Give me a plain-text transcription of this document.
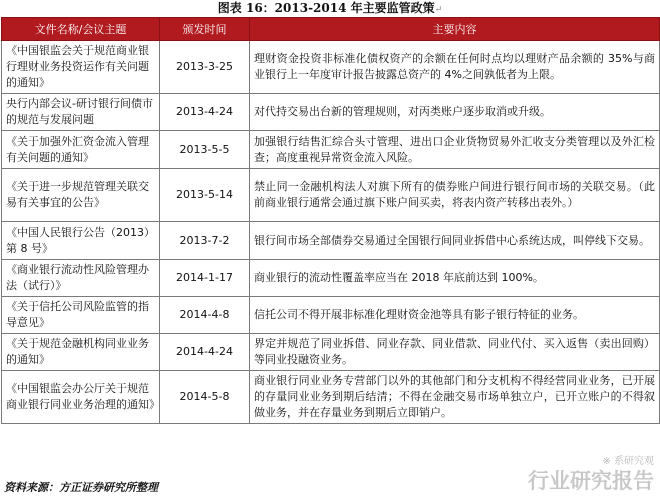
图表 16：2013-2014 年主要监管政策↵
文件名称/会议主题	颁发时间	主要内容
《中国银监会关于规范商业银行理财业务投资运作有关问题的通知》	2013-3-25	理财资金投资非标准化债权资产的余额在任何时点均以理财产品余额的 35%与商业银行上一年度审计报告披露总资产的 4%之间孰低者为上限。
央行内部会议-研讨银行间债市的规范与发展问题	2013-4-24	对代持交易出台新的管理规则，对丙类账户逐步取消或升级。
《关于加强外汇资金流入管理有关问题的通知》	2013-5-5	加强银行结售汇综合头寸管理、进出口企业货物贸易外汇收支分类管理以及外汇检查；高度重视异常资金流入风险。
《关于进一步规范管理关联交易有关事宜的公告》	2013-5-14	禁止同一金融机构法人对旗下所有的债券账户间进行银行间市场的关联交易。（此前商业银行通常会通过旗下账户间买卖，将表内资产转移出表外。）
《中国人民银行公告（2013）第 8 号》	2013-7-2	银行间市场全部债券交易通过全国银行间同业拆借中心系统达成，叫停线下交易。
《商业银行流动性风险管理办法（试行）》	2014-1-17	商业银行的流动性覆盖率应当在 2018 年底前达到 100%。
《关于信托公司风险监管的指导意见》	2014-4-8	信托公司不得开展非标准化理财资金池等具有影子银行特征的业务。
《关于规范金融机构同业业务的通知》	2014-4-24	界定并规范了同业拆借、同业存款、同业借款、同业代付、买入返售（卖出回购）等同业投融资业务。
《中国银监会办公厅关于规范商业银行同业业务治理的通知》	2014-5-8	商业银行同业业务专营部门以外的其他部门和分支机构不得经营同业业务，已开展的存量同业业务到期后结清；不得在金融交易市场单独立户，已开立账户的不得叙做业务，并在存量业务到期后立即销户。
资料来源：方正证券研究所整理
※ 系研究观
行业研究报告
